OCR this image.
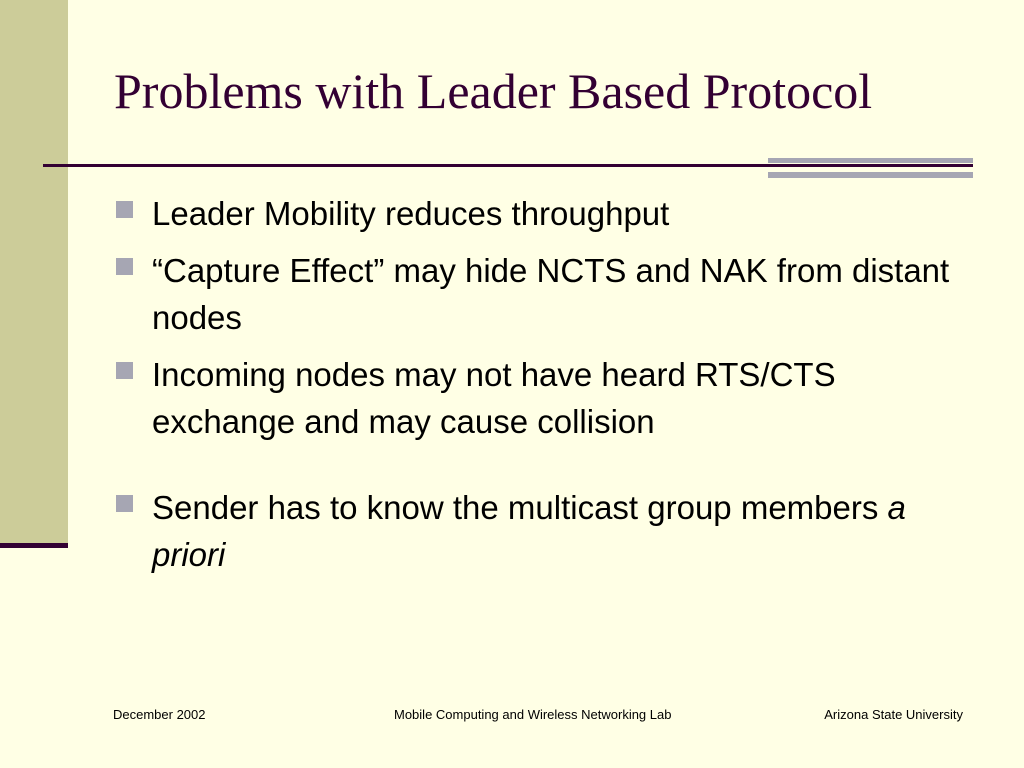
Problems with Leader Based Protocol
Leader Mobility reduces throughput
“Capture Effect” may hide NCTS and NAK from distant nodes
Incoming nodes may not have heard RTS/CTS exchange and may cause collision
Sender has to know the multicast group members a priori
December 2002	Mobile Computing and Wireless Networking Lab	Arizona State University
